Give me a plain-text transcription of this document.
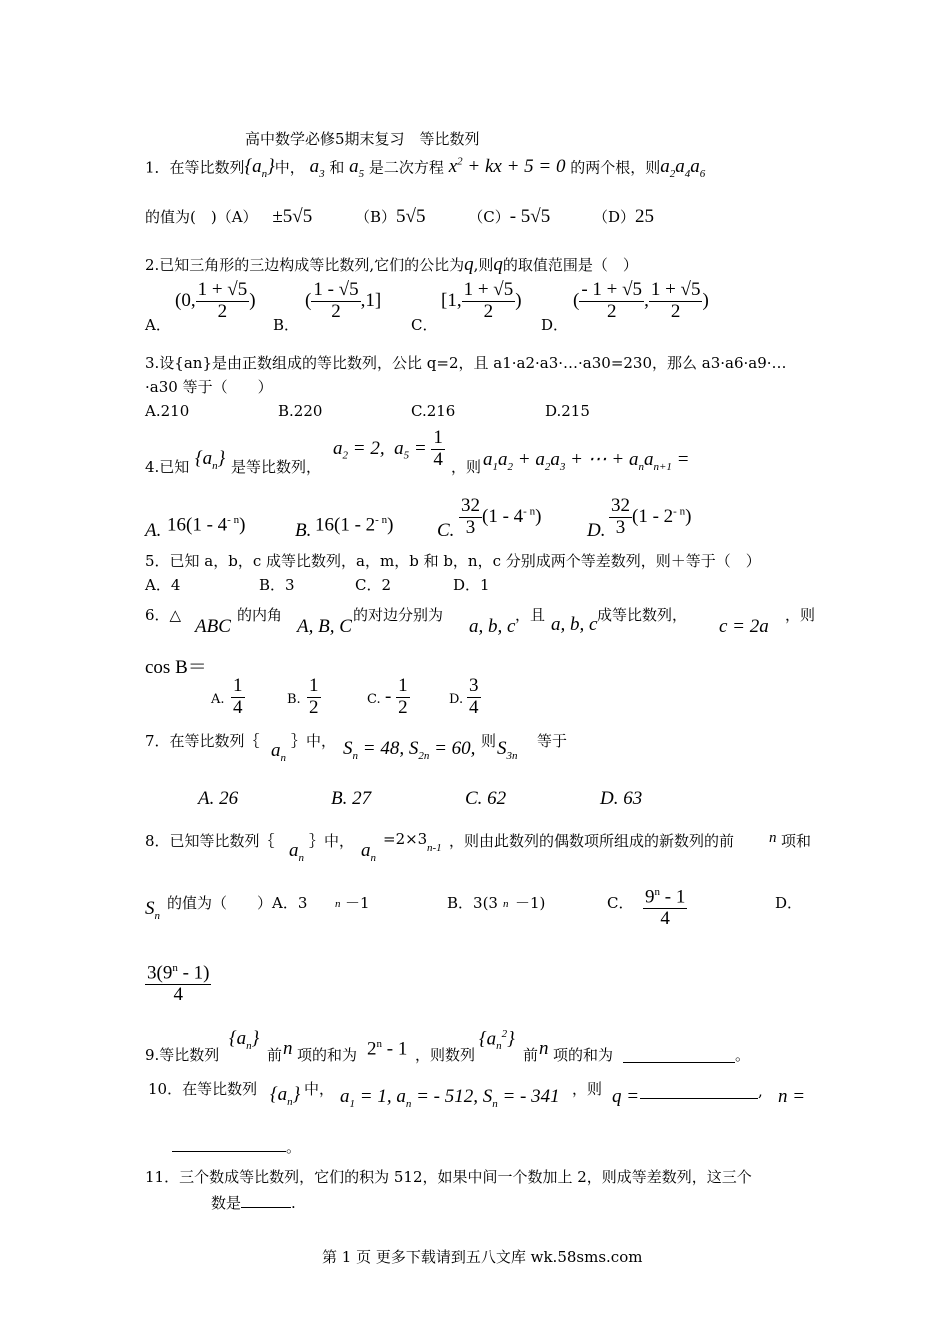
高中数学必修5期末复习　等比数列
1．在等比数列$\{a_n\}$中， $a_3$ 和 $a_5$ 是二次方程 $x^2$ + kx + 5 = 0 的两个根，则$a_2a_4a_6$
的值为(　)（A） ±5√5	（B）5√5	（C）- 5√5	（D）25
2.已知三角形的三边构成等比数列,它们的公比为q,则q的取值范围是（　）
A．
(0, $\frac{1 + √5}{2}$ )
B．
( $\frac{1 - √5}{2} ,1$]
C．
[1, $\frac{1 + √5}{2}$ )
D．
( $\frac{- 1 + √5}{2}$ , $\frac{1 + √5}{2}$ )
3.设{an}是由正数组成的等比数列，公比 q=2，且 a1·a2·a3·…·a30=230，那么 a3·a6·a9·…
·a30 等于（　　）
A.210	B.220	C.216	D.215
4.已知 $\{a_n\}$ 是等比数列，
$a_2 = 2$,  $a_5 = \frac{1}{4}$ ，则 $a_1a_2 + a_2a_3$ + ⋯ + $a_na_{n+1}$ =
A. $16(1 - 4^{- n})$	B. $16(1 - 2^{- n})$ C. $\frac{32}{3} (1 - 4^{- n})$
D. $\frac{32}{3} (1 - 2^{- n})$
5．已知 a，b，c 成等比数列，a，m，b 和 b，n，c 分别成两个等差数列，则＋等于（　）
A．4	B．3	C．2	D．1
6．△
ABC
的内角
A, B, C
的对边分别为
a, b, c
，且 a, b, c 成等比数列，
c = 2a
，则
cos B＝
A. $\frac{1}{4}$	B. $\frac{1}{2}$	C. - $\frac{1}{2}$	D. $\frac{3}{4}$
7．在等比数列｛ $a_n$
｝中， $S_n = 48$, $S_{2n} = 60$, 则 $S_{3n}$
等于
A. 26	B. 27	C. 62	D. 63
8．已知等比数列｛ $a_n$
｝中， $a_n$
=2×3 n-1 ，则由此数列的偶数项所组成的新数列的前 n 项和
$S_n$
的值为（　　）A．3	n －1	B．3(3 n －1)	C． $\frac{9^n - 1}{4}$	D．
$\frac{3(9^n - 1)}{4}$
9.等比数列
$\{a_n\}$
前 n 项的和为 2$^n$ - 1 ，则数列
$\{a_n^2\}$
前 n 项的和为	。
10．在等比数列 $\{a_n\}$ 中， $a_1 = 1$, $a_n$ = - 512, $S_n$ = - 341 ，则 q =	, n =
。
11．三个数成等比数列，它们的积为 512，如果中间一个数加上 2，则成等差数列，这三个
数是	.
第 1 页 更多下载请到五八文库 wk.58sms.com
